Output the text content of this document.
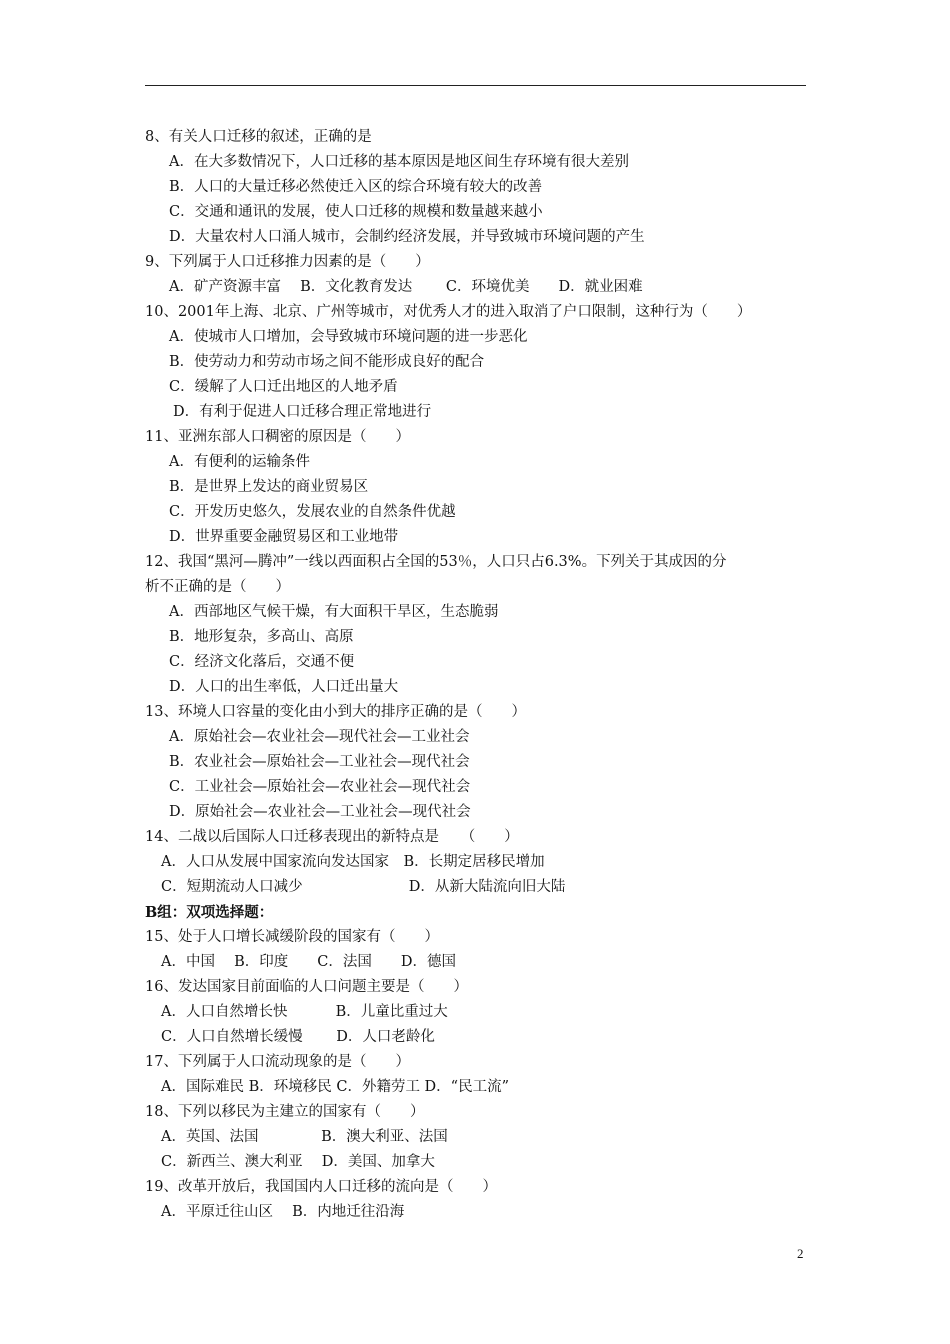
8、有关人口迁移的叙述，正确的是
A．在大多数情况下，人口迁移的基本原因是地区间生存环境有很大差别
B．人口的大量迁移必然使迁入区的综合环境有较大的改善
C．交通和通讯的发展，使人口迁移的规模和数量越来越小
D．大量农村人口涌人城市，会制约经济发展，并导致城市环境问题的产生
9、下列属于人口迁移推力因素的是（　　）
A．矿产资源丰富　 B．文化教育发达　　 C．环境优美　　D．就业困难
10、2001年上海、北京、广州等城市，对优秀人才的进入取消了户口限制，这种行为（　　）
A．使城市人口增加，会导致城市环境问题的进一步恶化
B．使劳动力和劳动市场之间不能形成良好的配合
C．缓解了人口迁出地区的人地矛盾
D．有利于促进人口迁移合理正常地进行
11、亚洲东部人口稠密的原因是（　　）
A．有便利的运输条件
B．是世界上发达的商业贸易区
C．开发历史悠久，发展农业的自然条件优越
D．世界重要金融贸易区和工业地带
12、我国“黑河—腾冲”一线以西面积占全国的53％，人口只占6.3%。下列关于其成因的分
析不正确的是（　　）
A．西部地区气候干燥，有大面积干旱区，生态脆弱
B．地形复杂，多高山、高原
C．经济文化落后，交通不便
D．人口的出生率低，人口迁出量大
13、环境人口容量的变化由小到大的排序正确的是（　　）
A．原始社会—农业社会—现代社会—工业社会
B．农业社会—原始社会—工业社会—现代社会
C．工业社会—原始社会—农业社会—现代社会
D．原始社会—农业社会—工业社会—现代社会
14、二战以后国际人口迁移表现出的新特点是　　（　　）
A．人口从发展中国家流向发达国家　B．长期定居移民增加
C．短期流动人口减少　　　　　　　 D．从新大陆流向旧大陆
B组：双项选择题：
15、处于人口增长减缓阶段的国家有（　　）
A．中国　 B．印度　　C．法国　　D．德国
16、发达国家目前面临的人口问题主要是（　　）
A．人口自然增长快　　　 B．儿童比重过大
C．人口自然增长缓慢　　 D．人口老龄化
17、下列属于人口流动现象的是（　　）
A．国际难民 B．环境移民 C．外籍劳工 D．“民工流”
18、下列以移民为主建立的国家有（　　）
A．英国、法国　　　　 B．澳大利亚、法国
C．新西兰、澳大利亚　 D．美国、加拿大
19、改革开放后，我国国内人口迁移的流向是（　　）
A．平原迁往山区　 B．内地迁往沿海
2
